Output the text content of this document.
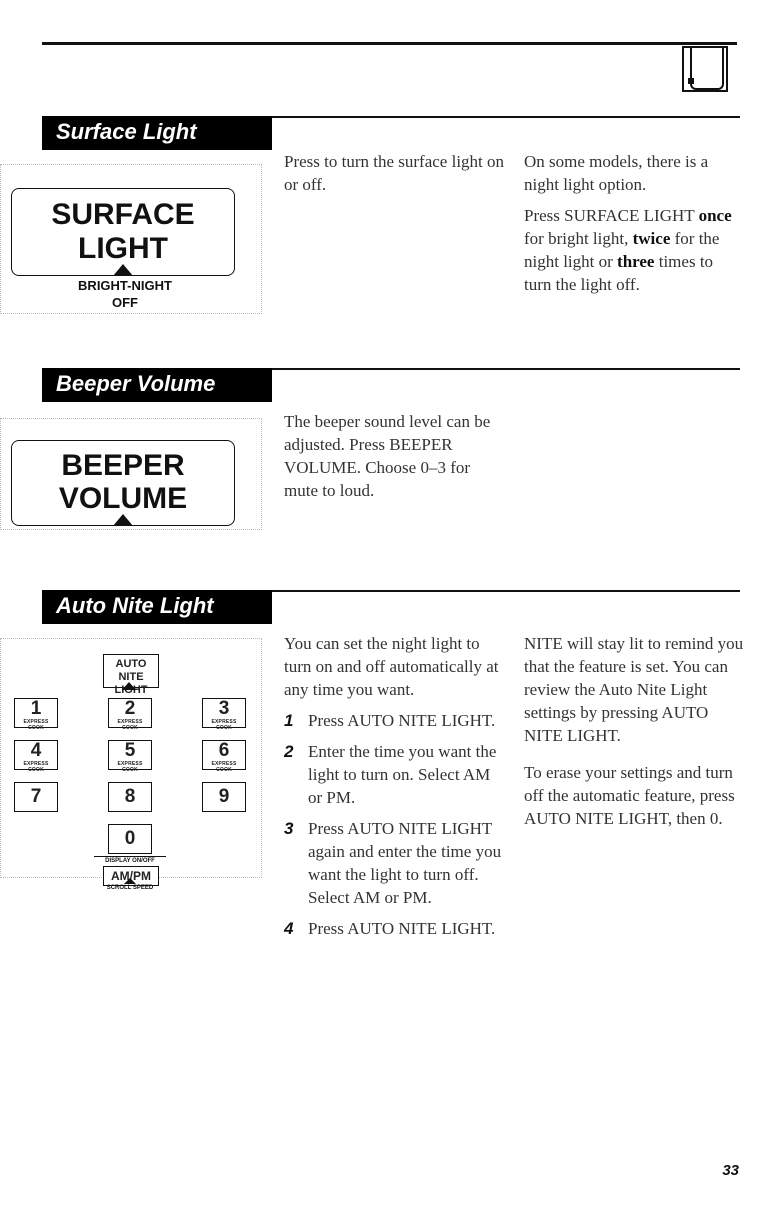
Surface Light
SURFACE
LIGHT
BRIGHT-NIGHT
OFF

Press to turn the surface light on or off.

On some models, there is a night light option.

Press SURFACE LIGHT once for bright light, twice for the night light or three times to turn the light off.

Beeper Volume
BEEPER
VOLUME

The beeper sound level can be adjusted. Press BEEPER VOLUME. Choose 0–3 for mute to loud.

Auto Nite Light
AUTO
NITE LIGHT
1
EXPRESS COOK
2
EXPRESS COOK
3
EXPRESS COOK
4
EXPRESS COOK
5
EXPRESS COOK
6
EXPRESS COOK
7	8	9
0
DISPLAY ON/OFF
AM/PM
SCROLL SPEED

You can set the night light to turn on and off automatically at any time you want.

1 Press AUTO NITE LIGHT.
2 Enter the time you want the light to turn on. Select AM or PM.
3 Press AUTO NITE LIGHT again and enter the time you want the light to turn off. Select AM or PM.
4 Press AUTO NITE LIGHT.

NITE will stay lit to remind you that the feature is set. You can review the Auto Nite Light settings by pressing AUTO NITE LIGHT.

To erase your settings and turn off the automatic feature, press AUTO NITE LIGHT, then 0.

33
